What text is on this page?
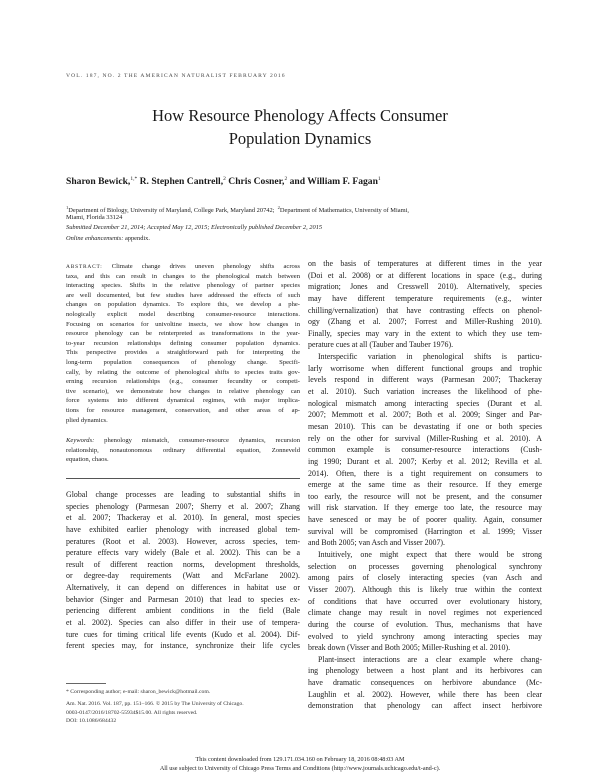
VOL. 187, NO. 2 THE AMERICAN NATURALIST FEBRUARY 2016
How Resource Phenology Affects Consumer
Population Dynamics
Sharon Bewick,$^{1,*}$ R. Stephen Cantrell,$^2$ Chris Cosner,$^2$ and William F. Fagan$^1$
$^1$Department of Biology, University of Maryland, College Park, Maryland 20742; $^2$Department of Mathematics, University of Miami,
Miami, Florida 33124
Submitted December 21, 2014; Accepted May 12, 2015; Electronically published December 2, 2015
Online enhancements: appendix.
ABSTRACT: Climate change drives uneven phenology shifts across
taxa, and this can result in changes to the phenological match between
interacting species. Shifts in the relative phenology of partner species
are well documented, but few studies have addressed the effects of such
changes on population dynamics. To explore this, we develop a phe-
nologically explicit model describing consumer-resource interactions.
Focusing on scenarios for univoltine insects, we show how changes in
resource phenology can be reinterpreted as transformations in the year-
to-year recursion relationships defining consumer population dynamics.
This perspective provides a straightforward path for interpreting the
long-term population consequences of phenology change. Specifi-
cally, by relating the outcome of phenological shifts to species traits gov-
erning recursion relationships (e.g., consumer fecundity or competi-
tive scenario), we demonstrate how changes in relative phenology can
force systems into different dynamical regimes, with major implica-
tions for resource management, conservation, and other areas of ap-
plied dynamics.
Keywords: phenology mismatch, consumer-resource dynamics, recursion
relationship, nonautonomous ordinary differential equation, Zonneveld
equation, chaos.
Global change processes are leading to substantial shifts in
species phenology (Parmesan 2007; Sherry et al. 2007; Zhang
et al. 2007; Thackeray et al. 2010). In general, most species
have exhibited earlier phenology with increased global tem-
peratures (Root et al. 2003). However, across species, tem-
perature effects vary widely (Bale et al. 2002). This can be a
result of different reaction norms, development thresholds,
or degree-day requirements (Watt and McFarlane 2002).
Alternatively, it can depend on differences in habitat use or
behavior (Singer and Parmesan 2010) that lead to species ex-
periencing different ambient conditions in the field (Bale
et al. 2002). Species can also differ in their use of tempera-
ture cues for timing critical life events (Kudo et al. 2004). Dif-
ferent species may, for instance, synchronize their life cycles
* Corresponding author; e-mail: sharon_bewick@hotmail.com.
Am. Nat. 2016. Vol. 187, pp. 151–166. © 2015 by The University of Chicago.
0003-0147/2016/18702-55934$15.00. All rights reserved.
DOI: 10.1086/684432
on the basis of temperatures at different times in the year
(Doi et al. 2008) or at different locations in space (e.g., during
migration; Jones and Cresswell 2010). Alternatively, species
may have different temperature requirements (e.g., winter
chilling/vernalization) that have contrasting effects on phenol-
ogy (Zhang et al. 2007; Forrest and Miller-Rushing 2010).
Finally, species may vary in the extent to which they use tem-
perature cues at all (Tauber and Tauber 1976).
Interspecific variation in phenological shifts is particu-
larly worrisome when different functional groups and trophic
levels respond in different ways (Parmesan 2007; Thackeray
et al. 2010). Such variation increases the likelihood of phe-
nological mismatch among interacting species (Durant et al.
2007; Memmott et al. 2007; Both et al. 2009; Singer and Par-
mesan 2010). This can be devastating if one or both species
rely on the other for survival (Miller-Rushing et al. 2010). A
common example is consumer-resource interactions (Cush-
ing 1990; Durant et al. 2007; Kerby et al. 2012; Revilla et al.
2014). Often, there is a tight requirement on consumers to
emerge at the same time as their resource. If they emerge
too early, the resource will not be present, and the consumer
will risk starvation. If they emerge too late, the resource may
have senesced or may be of poorer quality. Again, consumer
survival will be compromised (Harrington et al. 1999; Visser
and Both 2005; van Asch and Visser 2007).
Intuitively, one might expect that there would be strong
selection on processes governing phenological synchrony
among pairs of closely interacting species (van Asch and
Visser 2007). Although this is likely true within the context
of conditions that have occurred over evolutionary history,
climate change may result in novel regimes not experienced
during the course of evolution. Thus, mechanisms that have
evolved to yield synchrony among interacting species may
break down (Visser and Both 2005; Miller-Rushing et al. 2010).
Plant-insect interactions are a clear example where chang-
ing phenology between a host plant and its herbivores can
have dramatic consequences on herbivore abundance (Mc-
Laughlin et al. 2002). However, while there has been clear
demonstration that phenology can affect insect herbivore
This content downloaded from 129.171.034.160 on February 18, 2016 08:48:03 AM
All use subject to University of Chicago Press Terms and Conditions (http://www.journals.uchicago.edu/t-and-c).
